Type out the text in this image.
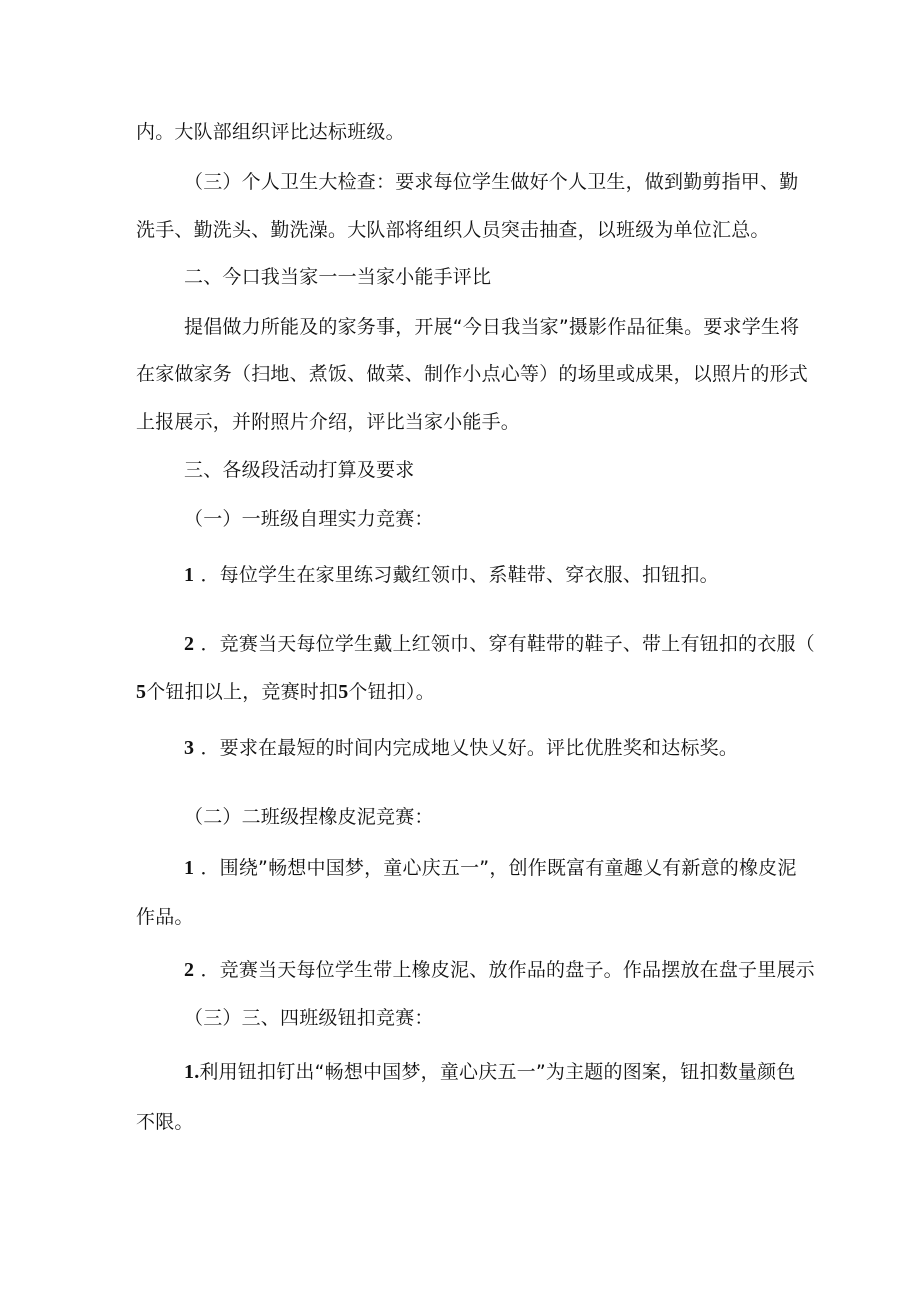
内。大队部组织评比达标班级。
（三）个人卫生大检查：要求每位学生做好个人卫生，做到勤剪指甲、勤
洗手、勤洗头、勤洗澡。大队部将组织人员突击抽查，以班级为单位汇总。
二、今口我当家一一当家小能手评比
提倡做力所能及的家务事，开展“今日我当家”摄影作品征集。要求学生将
在家做家务（扫地、煮饭、做菜、制作小点心等）的场里或成果，以照片的形式
上报展示，并附照片介绍，评比当家小能手。
三、各级段活动打算及要求
（一）一班级自理实力竞赛：
1 ．每位学生在家里练习戴红领巾、系鞋带、穿衣服、扣钮扣。
2 ．竞赛当天每位学生戴上红领巾、穿有鞋带的鞋子、带上有钮扣的衣服（
5个钮扣以上，竞赛时扣5个钮扣）。
3 ．要求在最短的时间内完成地乂快乂好。评比优胜奖和达标奖。
（二）二班级捏橡皮泥竞赛：
1 ．围绕”畅想中国梦，童心庆五一”，创作既富有童趣乂有新意的橡皮泥
作品。
2 ．竞赛当天每位学生带上橡皮泥、放作品的盘子。作品摆放在盘子里展示
（三）三、四班级钮扣竞赛：
1.利用钮扣钉出“畅想中国梦，童心庆五一”为主题的图案，钮扣数量颜色
不限。
